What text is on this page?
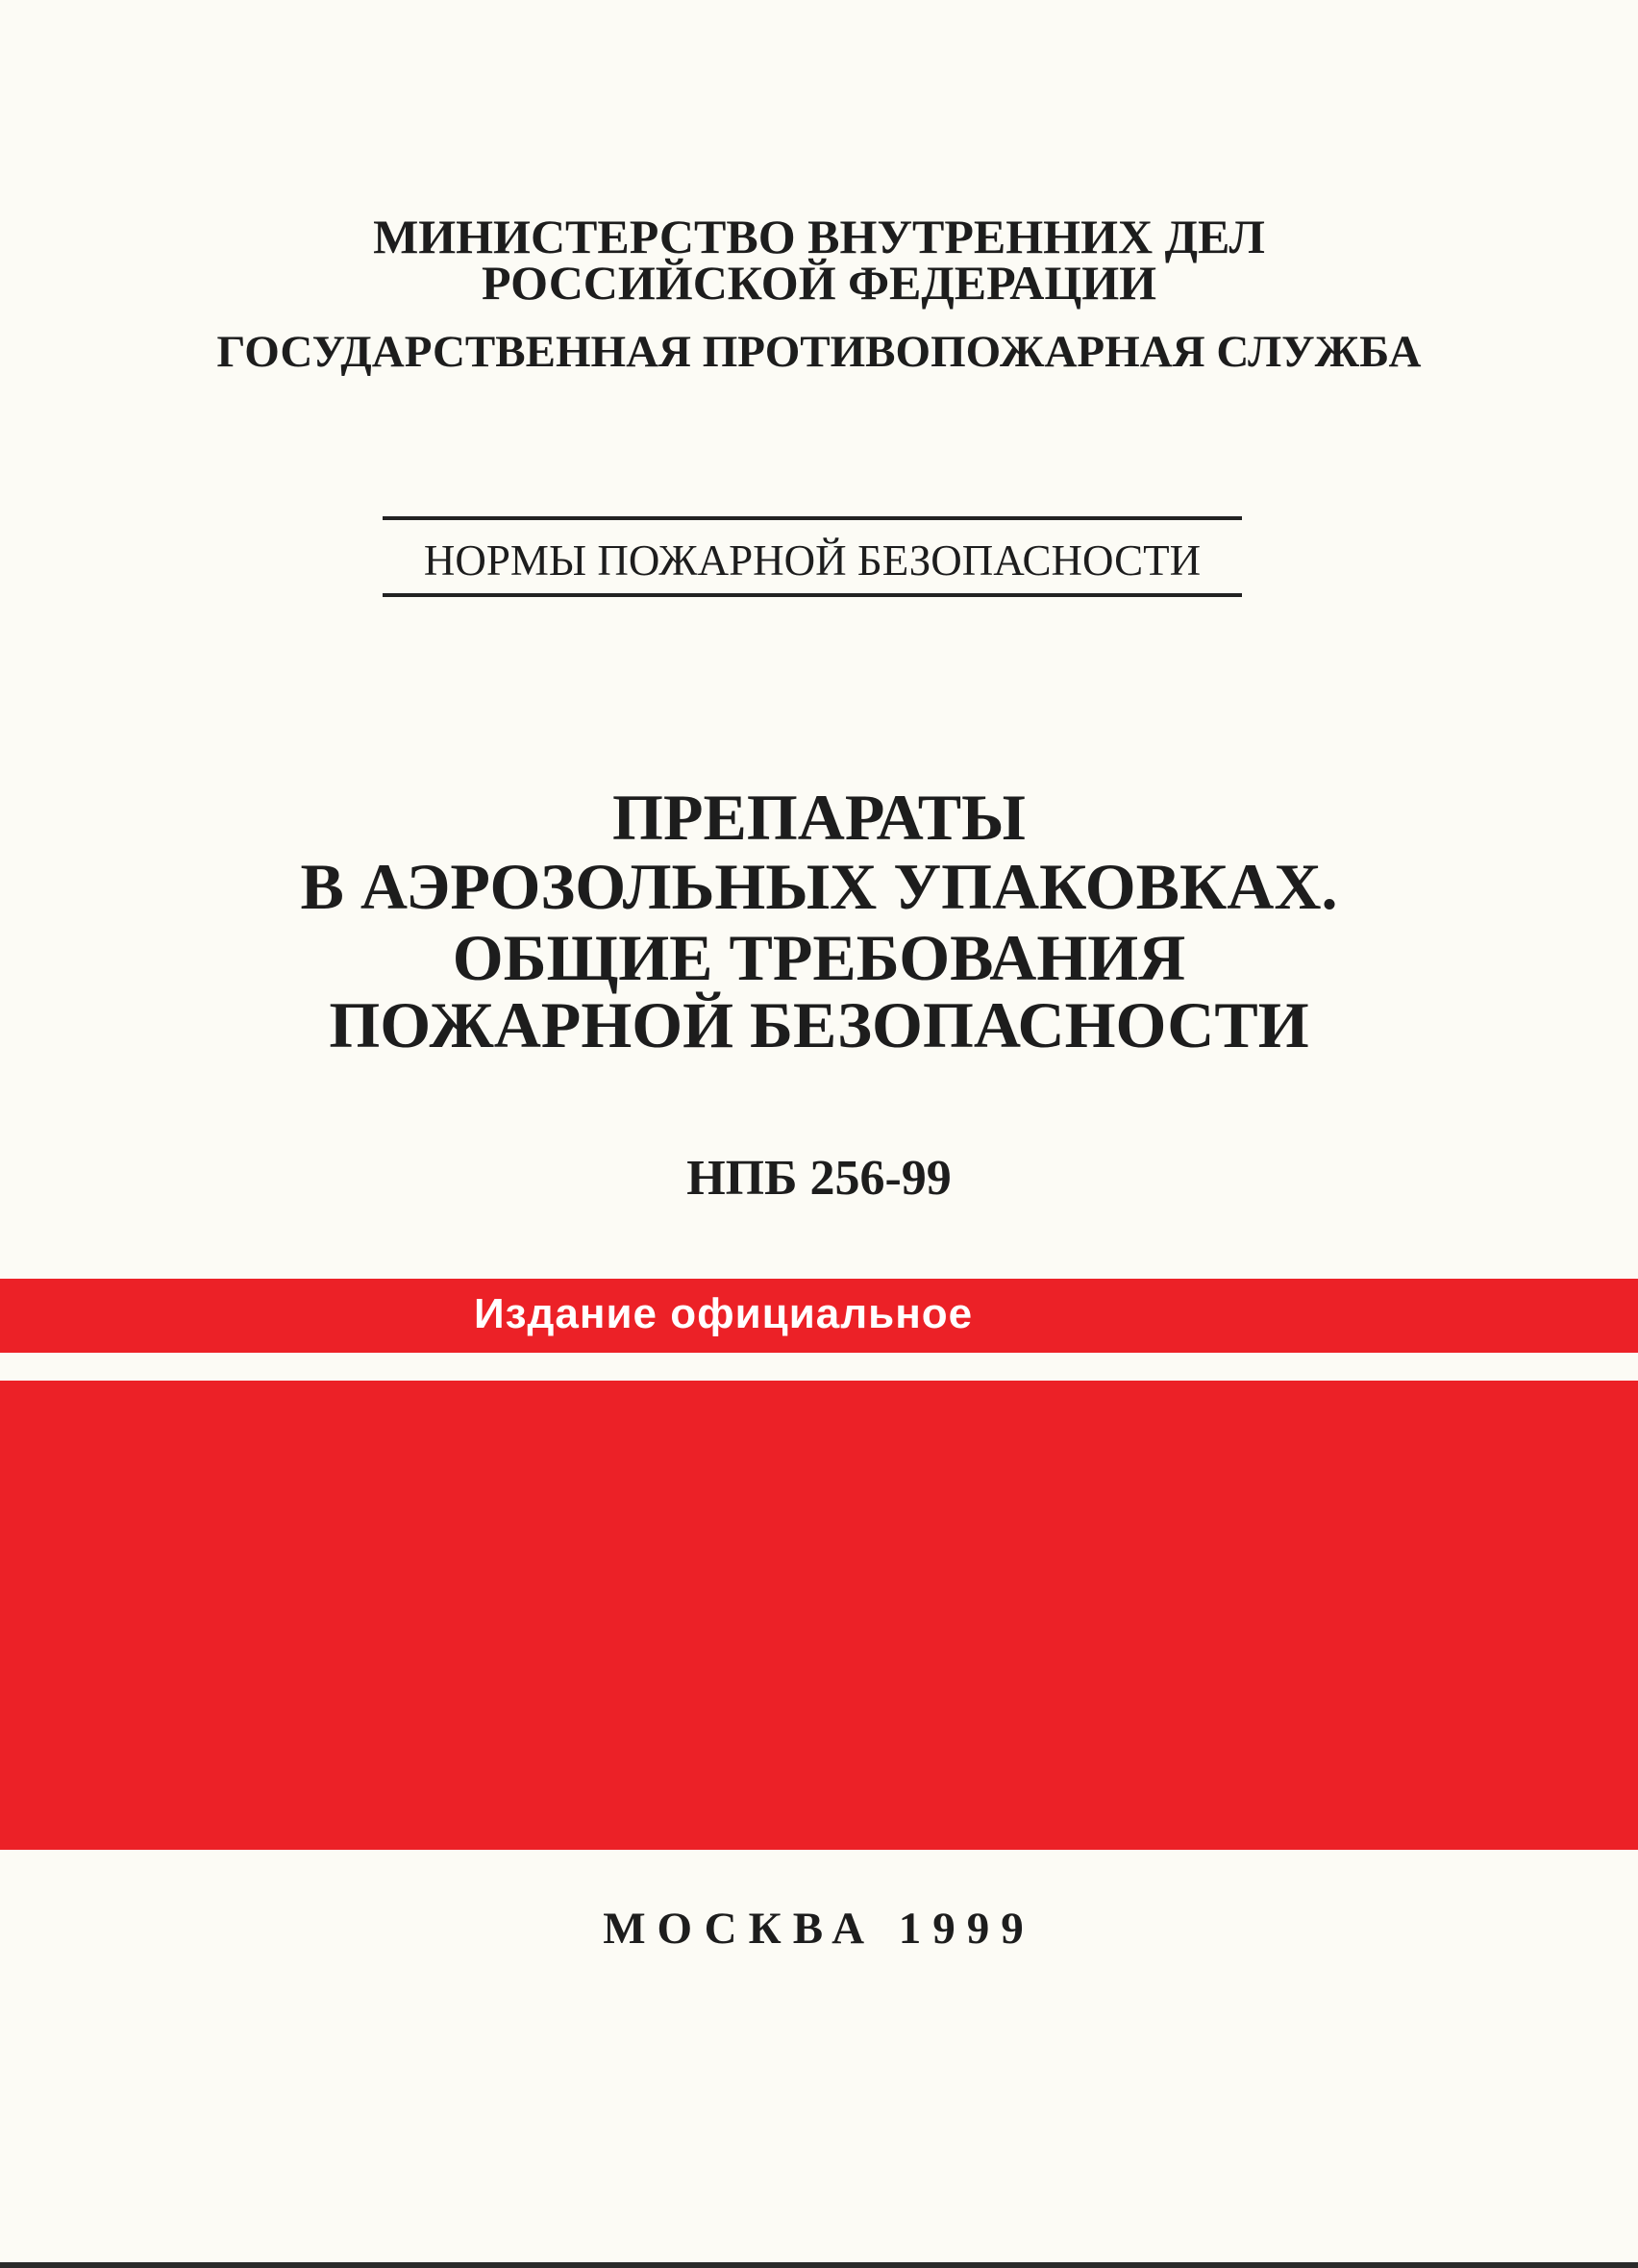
МИНИСТЕРСТВО ВНУТРЕННИХ ДЕЛ

РОССИЙСКОЙ ФЕДЕРАЦИИ

ГОСУДАРСТВЕННАЯ ПРОТИВОПОЖАРНАЯ СЛУЖБА

НОРМЫ ПОЖАРНОЙ БЕЗОПАСНОСТИ

ПРЕПАРАТЫ

В АЭРОЗОЛЬНЫХ УПАКОВКАХ.

ОБЩИЕ ТРЕБОВАНИЯ

ПОЖАРНОЙ БЕЗОПАСНОСТИ

НПБ 256-99

Издание официальное

МОСКВА 1999
